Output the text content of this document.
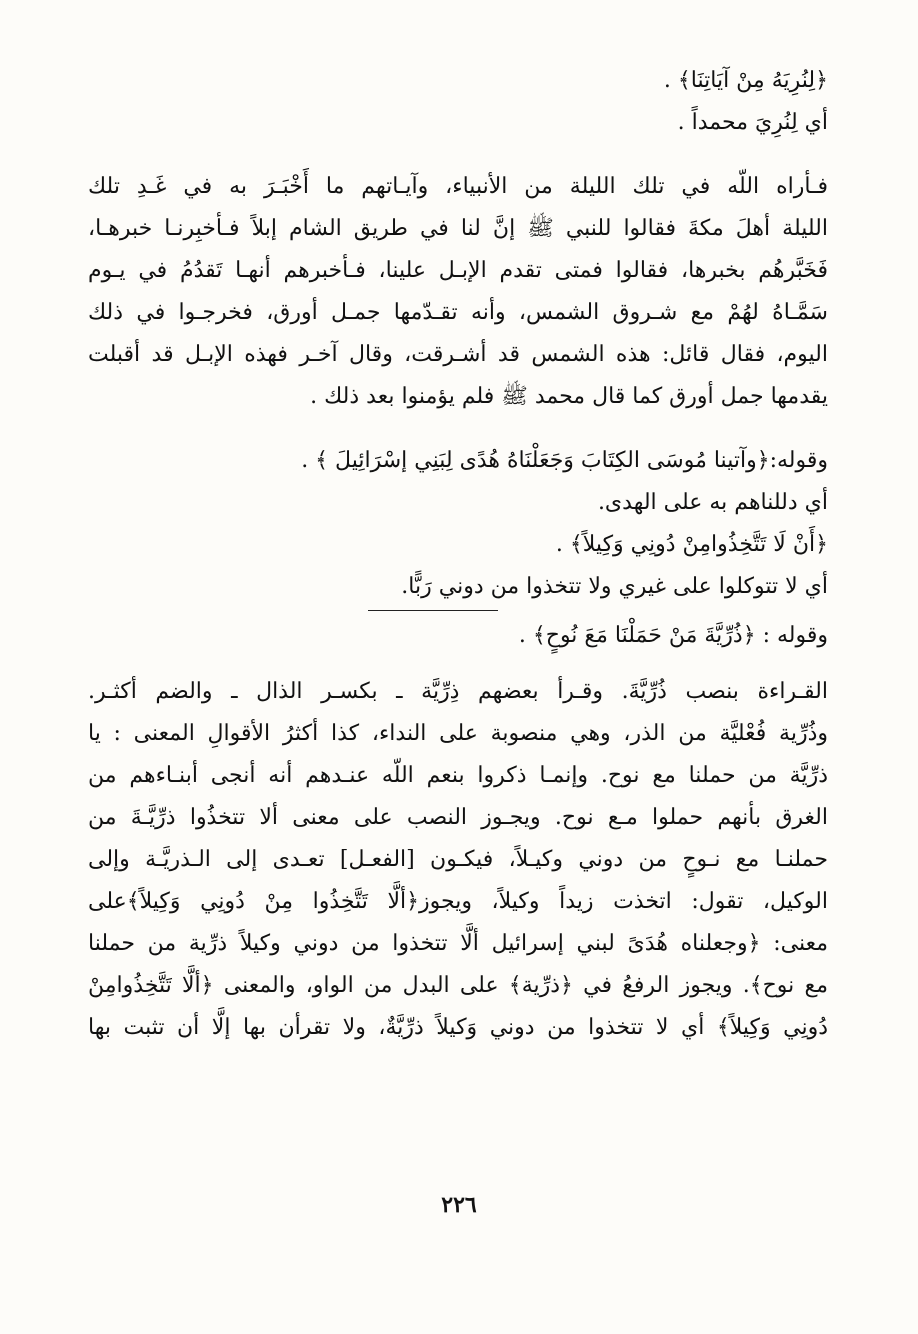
﴿لِنُرِيَهُ مِنْ آيَاتِنَا﴾ .
أي لِنُرِيَ محمداً .
فـأراه اللّه في تلك الليلة من الأنبياء، وآيـاتهم ما أَخْبَـرَ به في غَـدِ تلك
الليلة أهلَ مكةَ فقالوا للنبي ﷺ إنَّ لنا في طريق الشام إبلاً فـأخبِرنـا خبرهـا،
فَخَبَّرهُم بخبرها، فقالوا فمتى تقدم الإبـل علينا، فـأخبرهم أنهـا تَقدُمُ في يـوم
سَمَّـاهُ لهُمْ مع شـروق الشمس، وأنه تقـدّمها جمـل أورق، فخرجـوا في ذلك
اليوم، فقال قائل: هذه الشمس قد أشـرقت، وقال آخـر فهذه الإبـل قد أقبلت
يقدمها جمل أورق كما قال محمد ﷺ فلم يؤمنوا بعد ذلك .
وقوله:﴿وآتينا مُوسَى الكِتَابَ وَجَعَلْنَاهُ هُدًى لِبَنِي إسْرَائِيلَ ﴾ .
أي دللناهم به على الهدى.
﴿أَنْ لَا تَتَّخِذُوامِنْ دُونِي وَكِيلاً﴾ .
أي لا تتوكلوا على غيري ولا تتخذوا من دوني رَبًّا.
وقوله : ﴿ذُرِّيَّةَ مَنْ حَمَلْنَا مَعَ نُوحٍ﴾ .
القـراءة بنصب ذُرِّيَّةَ. وقـرأ بعضهم ذِرِّيَّة ـ بكسـر الذال ـ والضم أكثـر.
وذُرِّية فُعْليَّة من الذر، وهي منصوبة على النداء، كذا أكثرُ الأقوالِ المعنى : يا
ذرِّيَّة من حملنا مع نوح. وإنمـا ذكروا بنعم اللّه عنـدهم أنه أنجى أبنـاءهم من
الغرق بأنهم حملوا مـع نوح. ويجـوز النصب على معنى ألا تتخذُوا ذرِّيَّـةَ من
حملنـا مع نـوحٍ من دوني وكيـلاً، فيكـون [الفعـل] تعـدى إلى الـذريَّـة وإلى
الوكيل، تقول: اتخذت زيداً وكيلاً، ويجوز﴿ألَّا تَتَّخِذُوا مِنْ دُونِي وَكِيلاً﴾على
معنى: ﴿وجعلناه هُدَىً لبني إسرائيل ألَّا تتخذوا من دوني وكيلاً ذرِّية من حملنا
مع نوح﴾. ويجوز الرفعُ في ﴿ذرِّية﴾ على البدل من الواو، والمعنى ﴿ألَّا تَتَّخِذُوامِنْ
دُونِي وَكِيلاً﴾ أي لا تتخذوا من دوني وَكيلاً ذرِّيَّةٌ، ولا تقرأن بها إلَّا أن تثبت بها
٢٢٦
